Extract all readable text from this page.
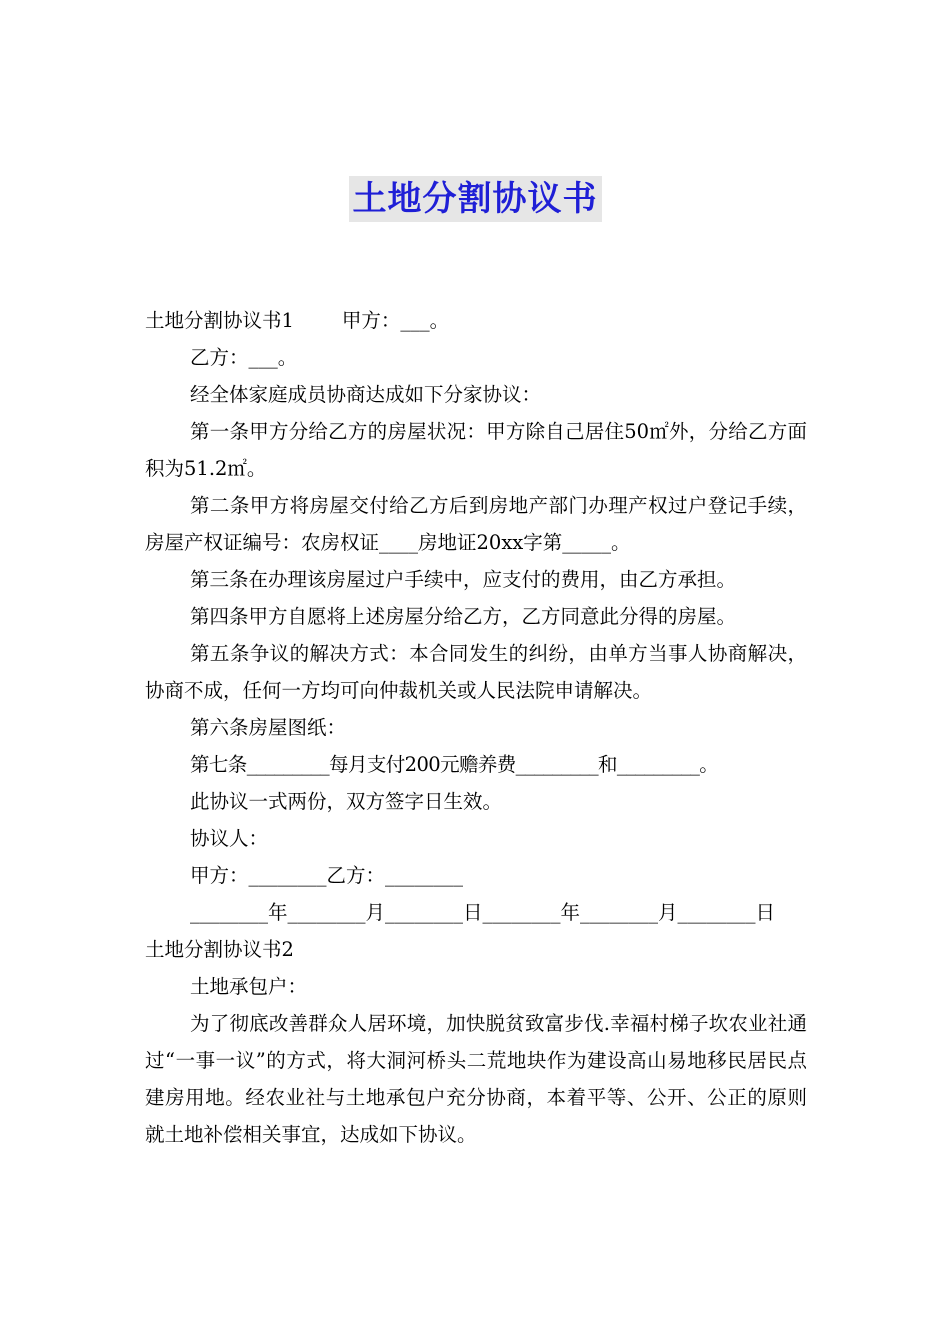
土地分割协议书

土地分割协议书1 甲方：___。

乙方：___。

经全体家庭成员协商达成如下分家协议：

第一条甲方分给乙方的房屋状况：甲方除自己居住50㎡外，分给乙方面积为51.2㎡。

第二条甲方将房屋交付给乙方后到房地产部门办理产权过户登记手续，房屋产权证编号：农房权证____房地证20xx字第_____。

第三条在办理该房屋过户手续中，应支付的费用，由乙方承担。

第四条甲方自愿将上述房屋分给乙方，乙方同意此分得的房屋。

第五条争议的解决方式：本合同发生的纠纷，由单方当事人协商解决，协商不成，任何一方均可向仲裁机关或人民法院申请解决。

第六条房屋图纸：

第七条_________每月支付200元赡养费_________和_________。

此协议一式两份，双方签字日生效。

协议人：

甲方：________乙方：________

________年________月________日________年________月________日

土地分割协议书2

土地承包户：

为了彻底改善群众人居环境，加快脱贫致富步伐.幸福村梯子坎农业社通过“一事一议”的方式，将大洞河桥头二荒地块作为建设高山易地移民居民点建房用地。经农业社与土地承包户充分协商，本着平等、公开、公正的原则就土地补偿相关事宜，达成如下协议。
